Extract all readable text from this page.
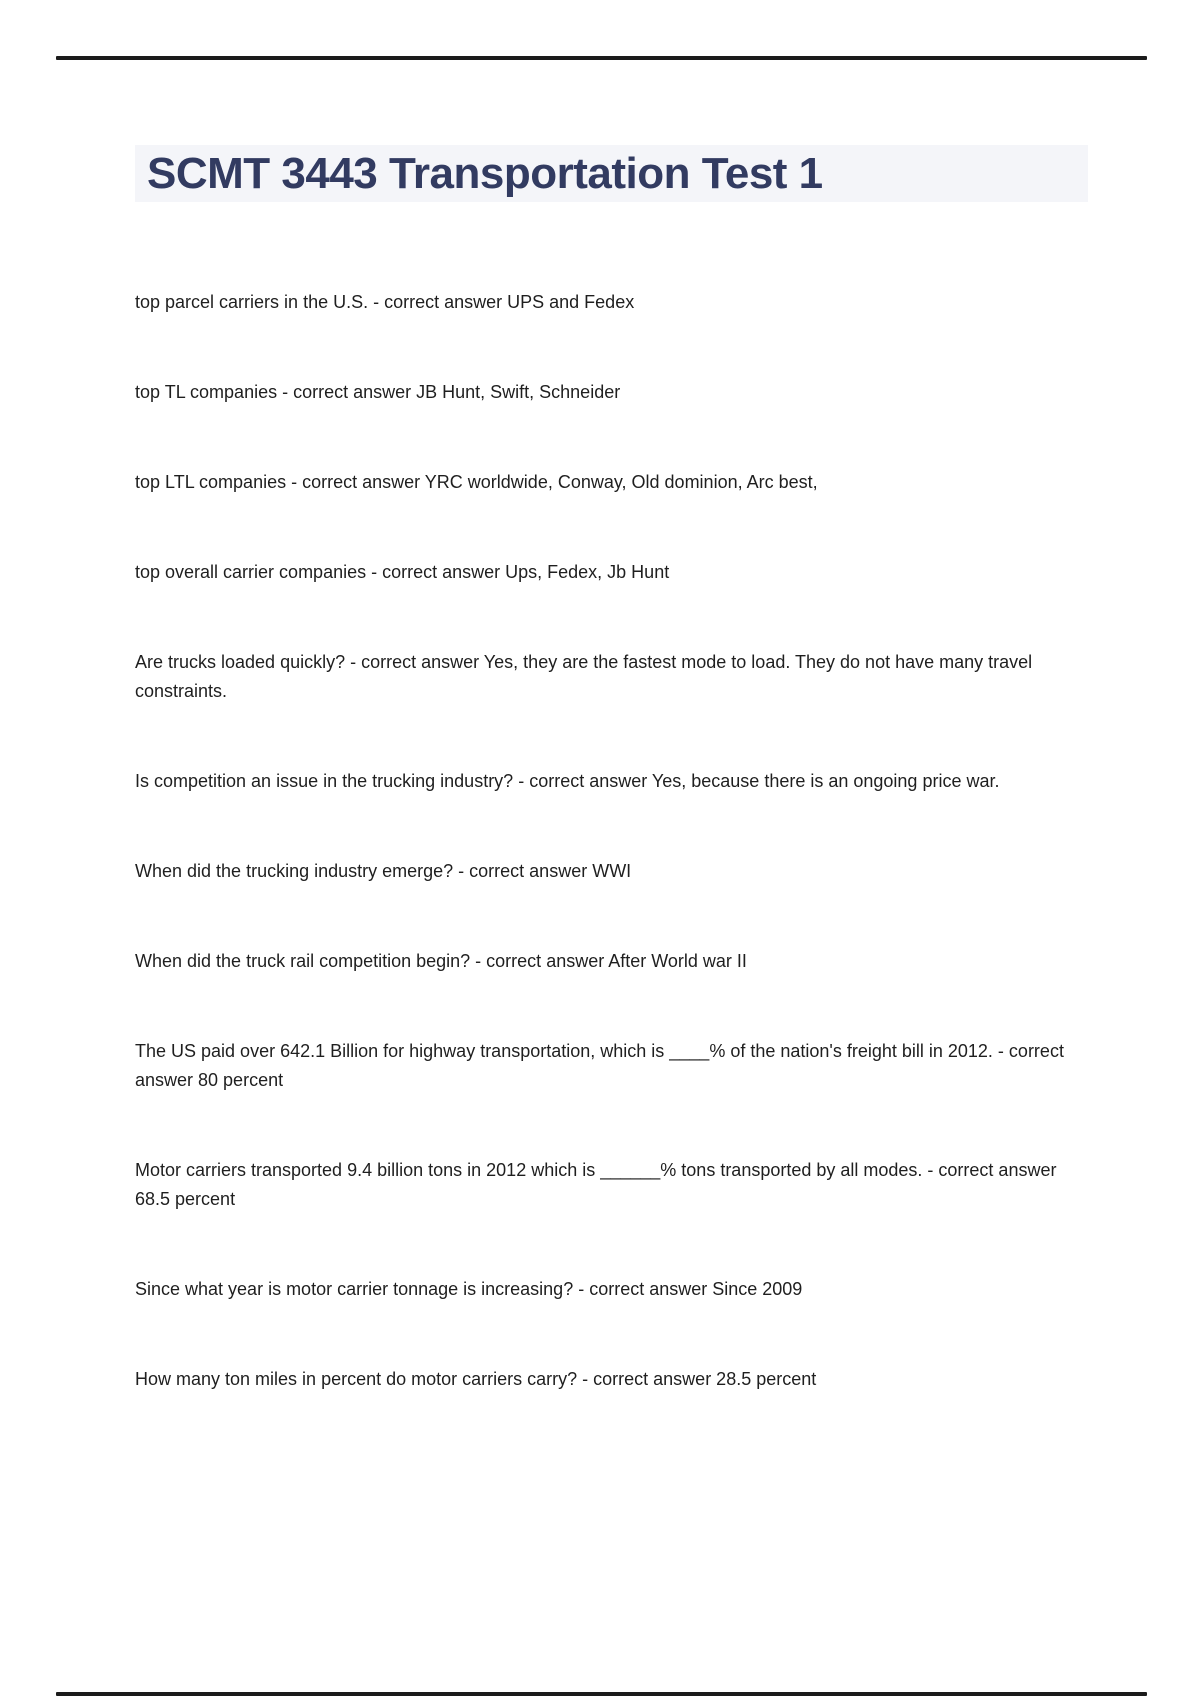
SCMT 3443 Transportation Test 1

top parcel carriers in the U.S. - correct answer UPS and Fedex

top TL companies - correct answer JB Hunt, Swift, Schneider

top LTL companies - correct answer YRC worldwide, Conway, Old dominion, Arc best,

top overall carrier companies - correct answer Ups, Fedex, Jb Hunt

Are trucks loaded quickly? - correct answer Yes, they are the fastest mode to load. They do not have many travel constraints.

Is competition an issue in the trucking industry? - correct answer Yes, because there is an ongoing price war.

When did the trucking industry emerge? - correct answer WWI

When did the truck rail competition begin? - correct answer After World war II

The US paid over 642.1 Billion for highway transportation, which is ____% of the nation's freight bill in 2012. - correct answer 80 percent

Motor carriers transported 9.4 billion tons in 2012 which is ______% tons transported by all modes. - correct answer 68.5 percent

Since what year is motor carrier tonnage is increasing? - correct answer Since 2009

How many ton miles in percent do motor carriers carry? - correct answer 28.5 percent
